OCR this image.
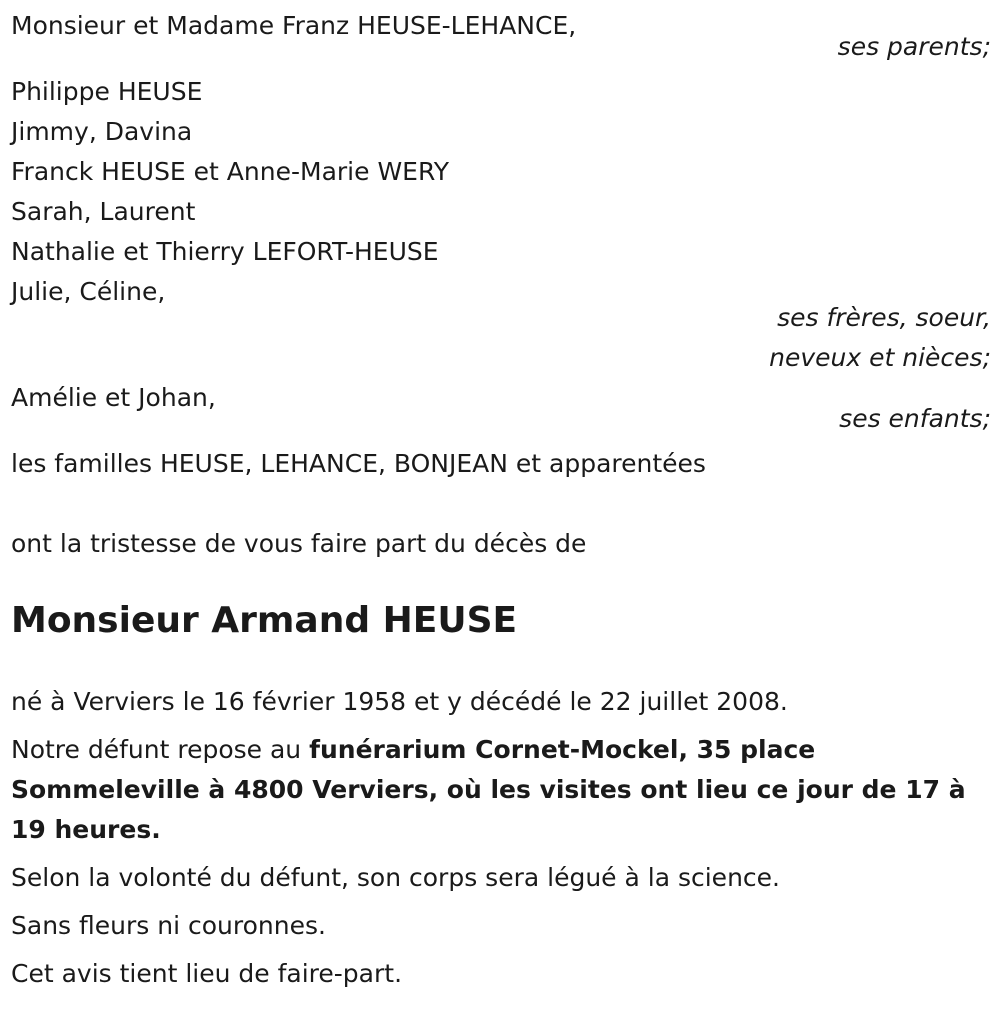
Monsieur et Madame Franz HEUSE-LEHANCE,
ses parents;
Philippe HEUSE
Jimmy, Davina
Franck HEUSE et Anne-Marie WERY
Sarah, Laurent
Nathalie et Thierry LEFORT-HEUSE
Julie, Céline,
ses frères, soeur,
neveux et nièces;
Amélie et Johan,
ses enfants;
les familles HEUSE, LEHANCE, BONJEAN et apparentées
ont la tristesse de vous faire part du décès de
Monsieur Armand HEUSE
né à Verviers le 16 février 1958 et y décédé le 22 juillet 2008.
Notre défunt repose au funérarium Cornet-Mockel, 35 place Sommeleville à 4800 Verviers, où les visites ont lieu ce jour de 17 à 19 heures.
Selon la volonté du défunt, son corps sera légué à la science.
Sans fleurs ni couronnes.
Cet avis tient lieu de faire-part.
